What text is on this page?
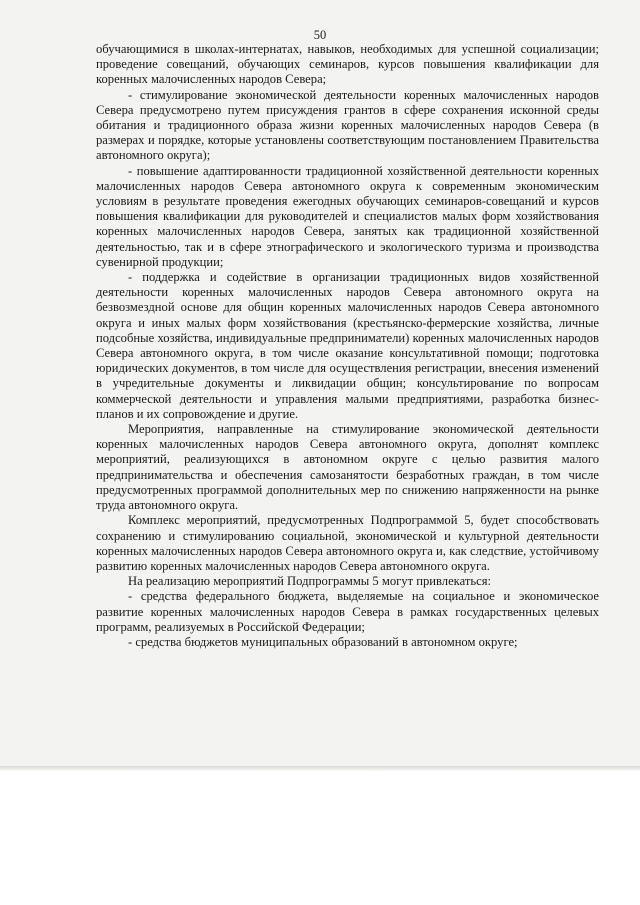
50

обучающимися в школах-интернатах, навыков, необходимых для успешной социализации; проведение совещаний, обучающих семинаров, курсов повышения квалификации для коренных малочисленных народов Севера;

- стимулирование экономической деятельности коренных малочисленных народов Севера предусмотрено путем присуждения грантов в сфере сохранения исконной среды обитания и традиционного образа жизни коренных малочисленных народов Севера (в размерах и порядке, которые установлены соответствующим постановлением Правительства автономного округа);

- повышение адаптированности традиционной хозяйственной деятельности коренных малочисленных народов Севера автономного округа к современным экономическим условиям в результате проведения ежегодных обучающих семинаров-совещаний и курсов повышения квалификации для руководителей и специалистов малых форм хозяйствования коренных малочисленных народов Севера, занятых как традиционной хозяйственной деятельностью, так и в сфере этнографического и экологического туризма и производства сувенирной продукции;

- поддержка и содействие в организации традиционных видов хозяйственной деятельности коренных малочисленных народов Севера автономного округа на безвозмездной основе для общин коренных малочисленных народов Севера автономного округа и иных малых форм хозяйствования (крестьянско-фермерские хозяйства, личные подсобные хозяйства, индивидуальные предприниматели) коренных малочисленных народов Севера автономного округа, в том числе оказание консультативной помощи; подготовка юридических документов, в том числе для осуществления регистрации, внесения изменений в учредительные документы и ликвидации общин; консультирование по вопросам коммерческой деятельности и управления малыми предприятиями, разработка бизнес-планов и их сопровождение и другие.

Мероприятия, направленные на стимулирование экономической деятельности коренных малочисленных народов Севера автономного округа, дополнят комплекс мероприятий, реализующихся в автономном округе с целью развития малого предпринимательства и обеспечения самозанятости безработных граждан, в том числе предусмотренных программой дополнительных мер по снижению напряженности на рынке труда автономного округа.

Комплекс мероприятий, предусмотренных Подпрограммой 5, будет способствовать сохранению и стимулированию социальной, экономической и культурной деятельности коренных малочисленных народов Севера автономного округа и, как следствие, устойчивому развитию коренных малочисленных народов Севера автономного округа.

На реализацию мероприятий Подпрограммы 5 могут привлекаться:

- средства федерального бюджета, выделяемые на социальное и экономическое развитие коренных малочисленных народов Севера в рамках государственных целевых программ, реализуемых в Российской Федерации;

- средства бюджетов муниципальных образований в автономном округе;
